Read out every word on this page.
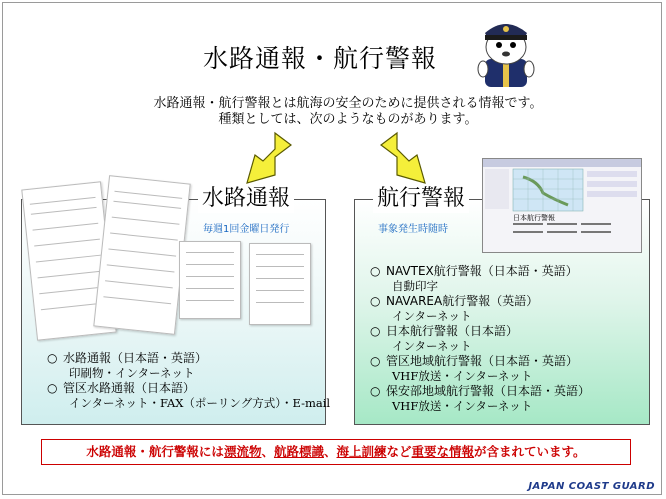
水路通報・航行警報
水路通報・航行警報とは航海の安全のために提供される情報です。
種類としては、次のようなものがあります。
水路通報
毎週1回金曜日発行
○ 水路通報（日本語・英語）
印刷物・インターネット
○ 管区水路通報（日本語）
インターネット・FAX（ポーリング方式）・E-mail
航行警報
事象発生時随時
日本航行警報
○ NAVTEX航行警報（日本語・英語）
自動印字
○ NAVAREA航行警報（英語）
インターネット
○ 日本航行警報（日本語）
インターネット
○ 管区地域航行警報（日本語・英語）
VHF放送・インターネット
○ 保安部地域航行警報（日本語・英語）
VHF放送・インターネット
水路通報・航行警報には漂流物、航路標識、海上訓練など重要な情報が含まれています。
JAPAN COAST GUARD
